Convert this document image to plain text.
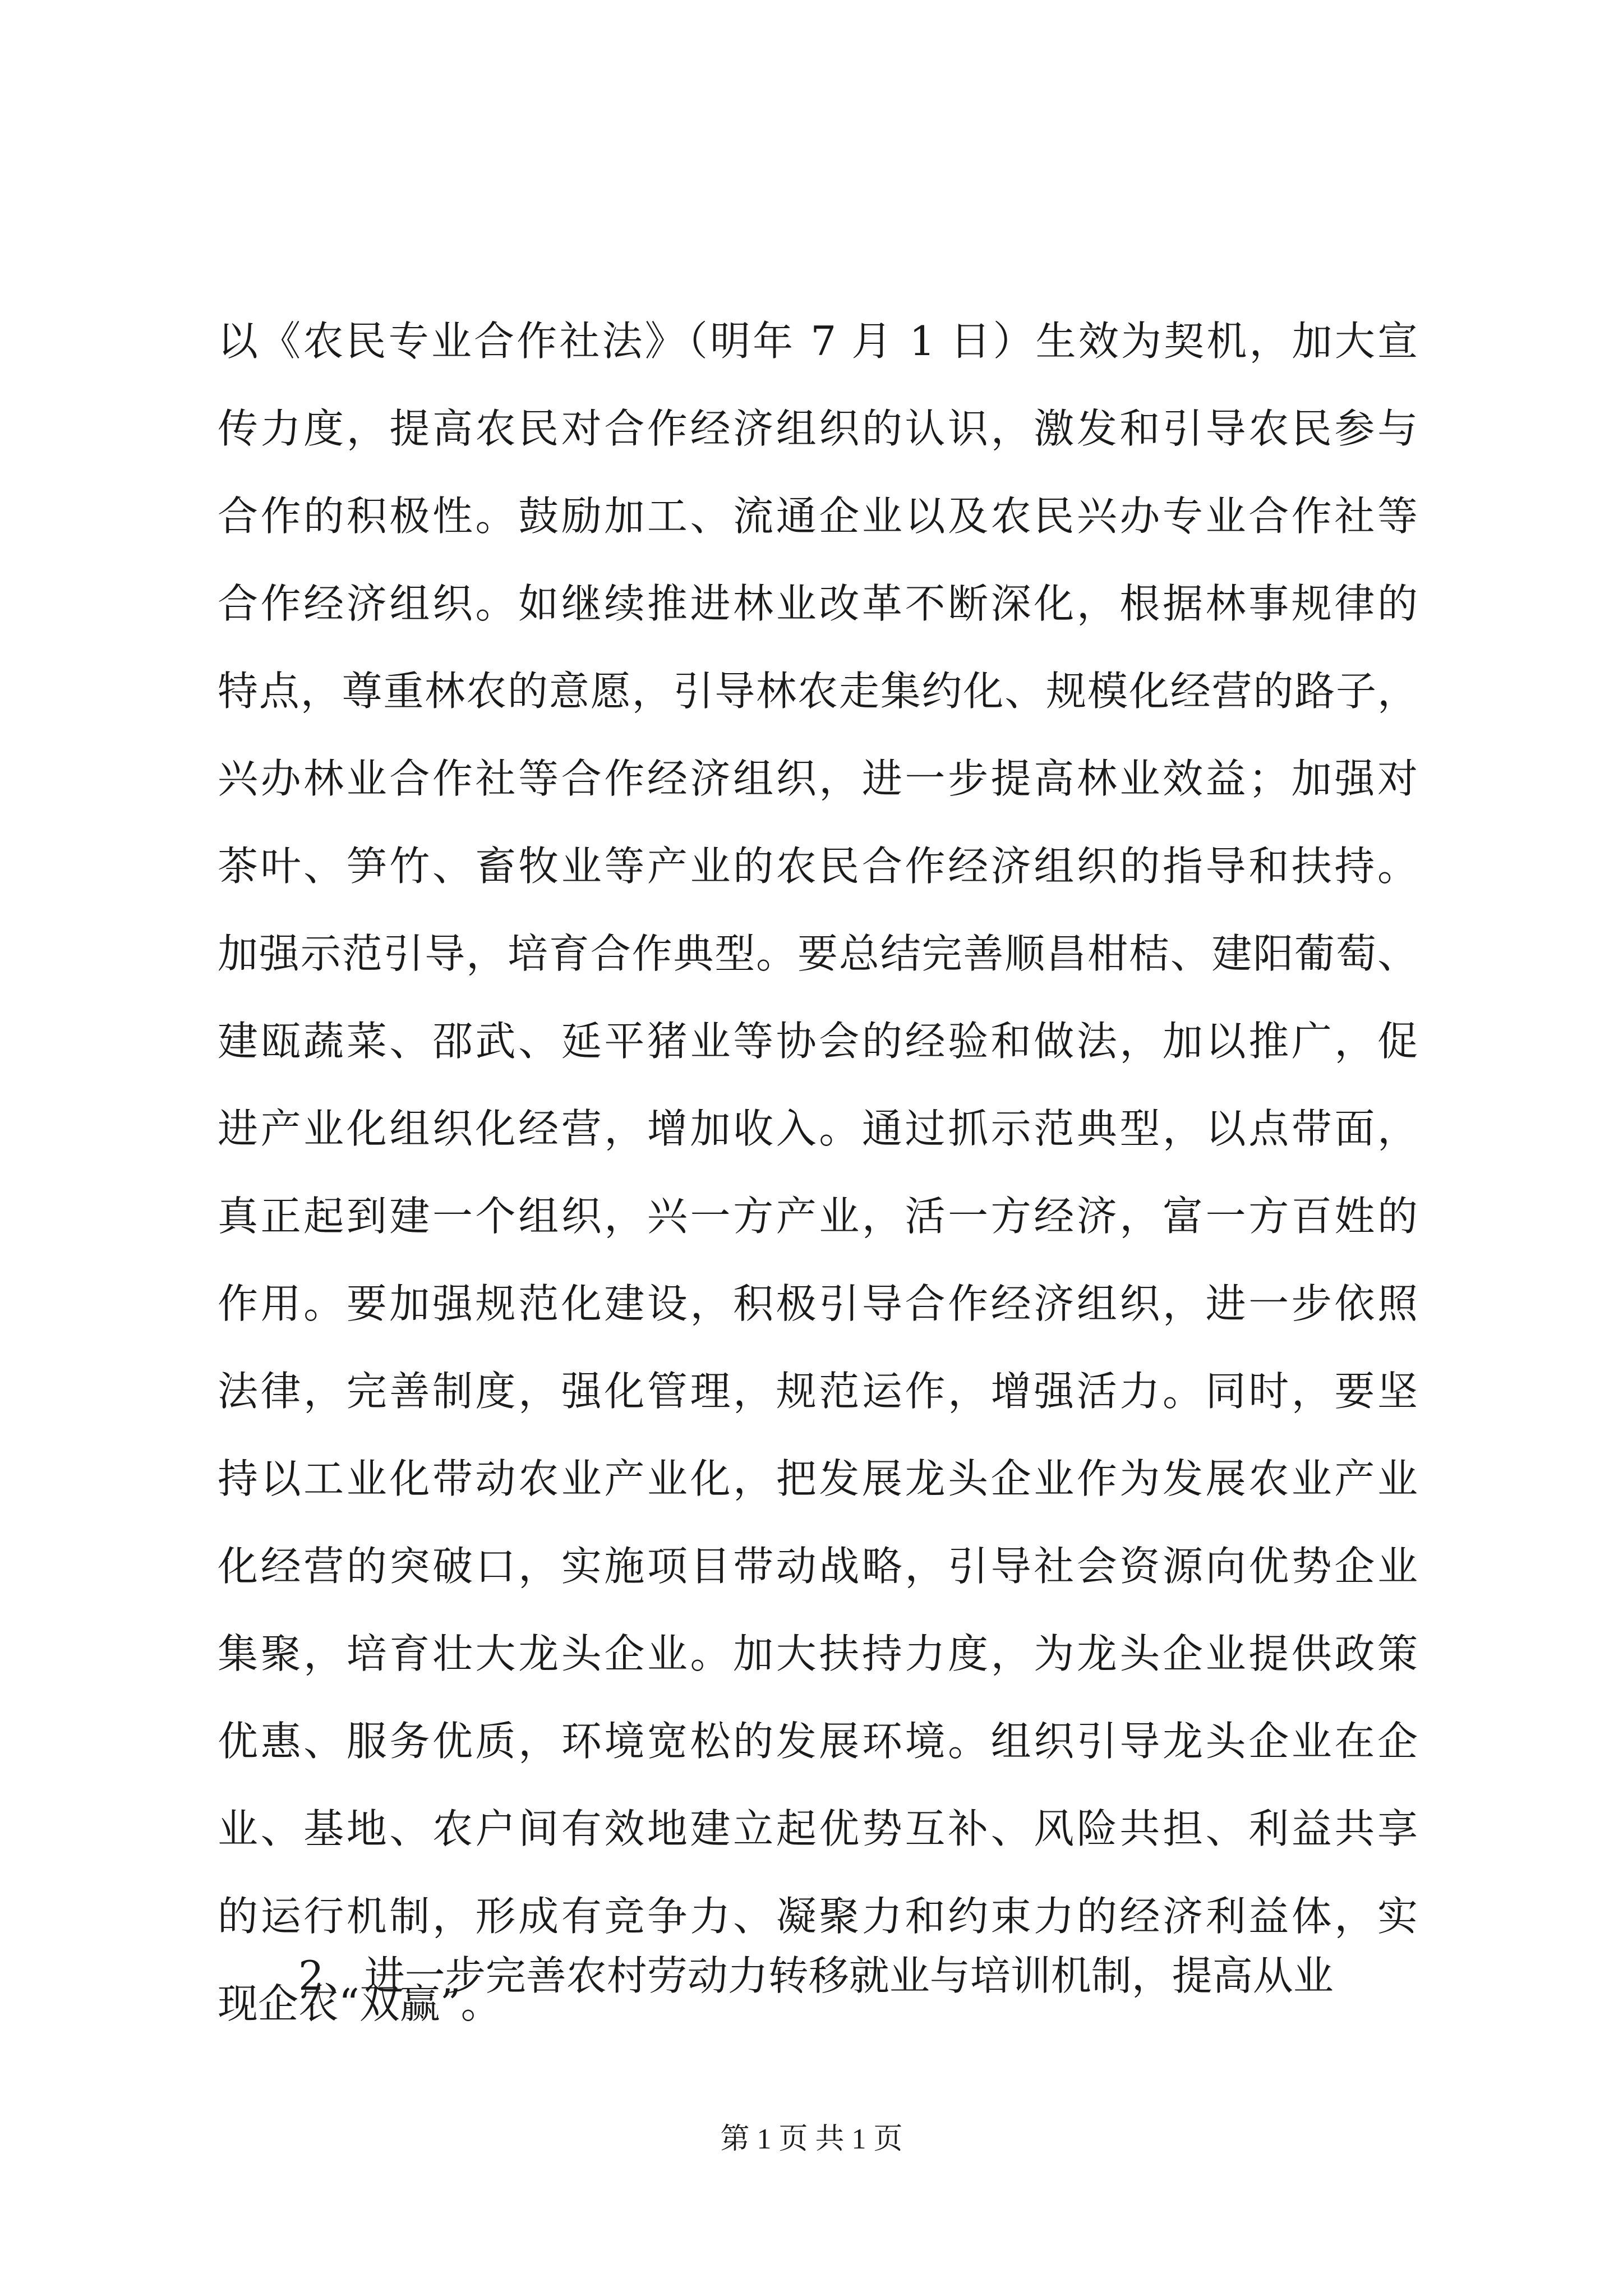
以《农民专业合作社法》（明年 7 月 1 日）生效为契机，加大宣
传力度，提高农民对合作经济组织的认识，激发和引导农民参与
合作的积极性。鼓励加工、流通企业以及农民兴办专业合作社等
合作经济组织。如继续推进林业改革不断深化，根据林事规律的
特点，尊重林农的意愿，引导林农走集约化、规模化经营的路子，
兴办林业合作社等合作经济组织，进一步提高林业效益；加强对
茶叶、笋竹、畜牧业等产业的农民合作经济组织的指导和扶持。
加强示范引导，培育合作典型。要总结完善顺昌柑桔、建阳葡萄、
建瓯蔬菜、邵武、延平猪业等协会的经验和做法，加以推广，促
进产业化组织化经营，增加收入。通过抓示范典型，以点带面，
真正起到建一个组织，兴一方产业，活一方经济，富一方百姓的
作用。要加强规范化建设，积极引导合作经济组织，进一步依照
法律，完善制度，强化管理，规范运作，增强活力。同时，要坚
持以工业化带动农业产业化，把发展龙头企业作为发展农业产业
化经营的突破口，实施项目带动战略，引导社会资源向优势企业
集聚，培育壮大龙头企业。加大扶持力度，为龙头企业提供政策
优惠、服务优质，环境宽松的发展环境。组织引导龙头企业在企
业、基地、农户间有效地建立起优势互补、风险共担、利益共享
的运行机制，形成有竞争力、凝聚力和约束力的经济利益体，实
现企农“双赢”。
2、进一步完善农村劳动力转移就业与培训机制，提高从业
第 1 页 共 1 页
